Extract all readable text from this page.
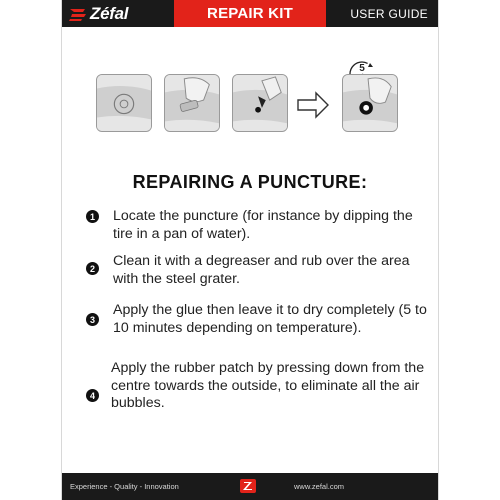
Zéfal	REPAIR KIT	USER GUIDE
5
REPAIRING A PUNCTURE:
1 Locate the puncture (for instance by dipping the tire in a pan of water).
2 Clean it with a degreaser and rub over the area with the steel grater.
3
Apply the glue then leave it to dry completely (5 to 10 minutes depending on temperature).
4
Apply the rubber patch by pressing down from the centre towards the outside, to eliminate all the air bubbles.
Experience - Quality - Innovation	www.zefal.com
